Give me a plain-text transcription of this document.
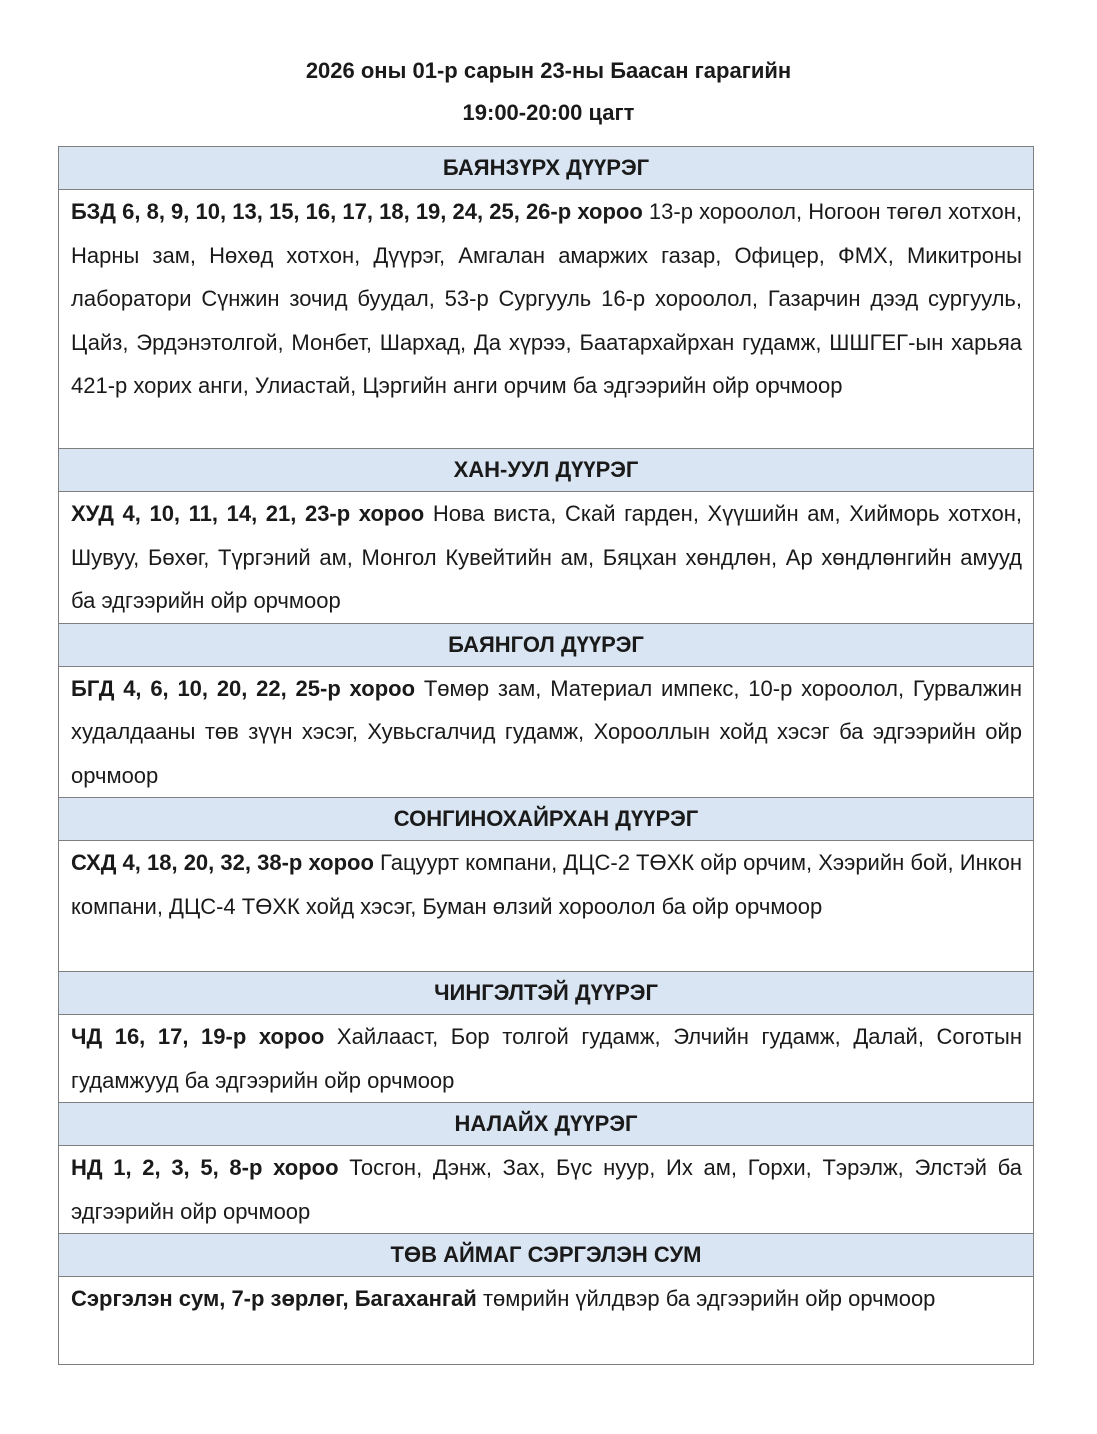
2026 оны 01-р сарын 23-ны Баасан гарагийн

19:00-20:00 цагт

БАЯНЗҮРХ ДҮҮРЭГ
БЗД 6, 8, 9, 10, 13, 15, 16, 17, 18, 19, 24, 25, 26-р хороо 13-р хороолол, Ногоон төгөл хотхон, Нарны зам, Нөхөд хотхон, Дүүрэг, Амгалан амаржих газар, Офицер, ФМХ, Микитроны лаборатори Сүнжин зочид буудал, 53-р Сургууль 16-р хороолол, Газарчин дээд сургууль, Цайз, Эрдэнэтолгой, Монбет, Шархад, Да хүрээ, Баатархайрхан гудамж, ШШГЕГ-ын харьяа 421-р хорих анги, Улиастай, Цэргийн анги орчим ба эдгээрийн ойр орчмоор
ХАН-УУЛ ДҮҮРЭГ
ХУД 4, 10, 11, 14, 21, 23-р хороо Нова виста, Скай гарден, Хүүшийн ам, Хийморь хотхон, Шувуу, Бөхөг, Түргэний ам, Монгол Кувейтийн ам, Бяцхан хөндлөн, Ар хөндлөнгийн амууд ба эдгээрийн ойр орчмоор
БАЯНГОЛ ДҮҮРЭГ
БГД 4, 6, 10, 20, 22, 25-р хороо Төмөр зам, Материал импекс, 10-р хороолол, Гурвалжин худалдааны төв зүүн хэсэг, Хувьсгалчид гудамж, Хорооллын хойд хэсэг ба эдгээрийн ойр орчмоор
СОНГИНОХАЙРХАН ДҮҮРЭГ
СХД 4, 18, 20, 32, 38-р хороо Гацуурт компани, ДЦС-2 ТӨХК ойр орчим, Хээрийн бой, Инкон компани, ДЦС-4 ТӨХК хойд хэсэг, Буман өлзий хороолол ба ойр орчмоор
ЧИНГЭЛТЭЙ ДҮҮРЭГ
ЧД 16, 17, 19-р хороо Хайлааст, Бор толгой гудамж, Элчийн гудамж, Далай, Соготын гудамжууд ба эдгээрийн ойр орчмоор
НАЛАЙХ ДҮҮРЭГ
НД 1, 2, 3, 5, 8-р хороо Тосгон, Дэнж, Зах, Бүс нуур, Их ам, Горхи, Тэрэлж, Элстэй ба эдгээрийн ойр орчмоор
ТӨВ АЙМАГ СЭРГЭЛЭН СУМ
Сэргэлэн сум, 7-р зөрлөг, Багахангай төмрийн үйлдвэр ба эдгээрийн ойр орчмоор
